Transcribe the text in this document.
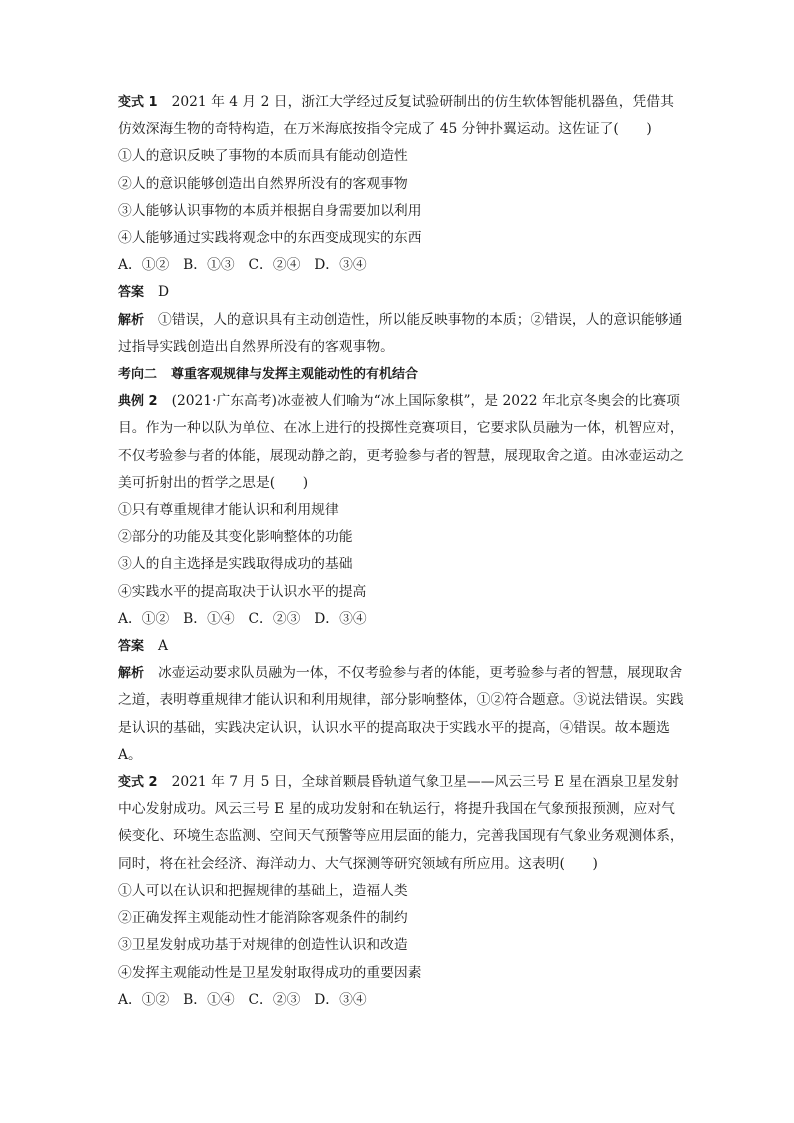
变式 1 2021 年 4 月 2 日，浙江大学经过反复试验研制出的仿生软体智能机器鱼，凭借其仿效深海生物的奇特构造，在万米海底按指令完成了 45 分钟扑翼运动。这佐证了(　　)

①人的意识反映了事物的本质而具有能动创造性

②人的意识能够创造出自然界所没有的客观事物

③人能够认识事物的本质并根据自身需要加以利用

④人能够通过实践将观念中的东西变成现实的东西

A．①②　B．①③　C．②④　D．③④

答案 D

解析 ①错误，人的意识具有主动创造性，所以能反映事物的本质；②错误，人的意识能够通过指导实践创造出自然界所没有的客观事物。

考向二 尊重客观规律与发挥主观能动性的有机结合

典例 2 (2021·广东高考)冰壶被人们喻为“冰上国际象棋”，是 2022 年北京冬奥会的比赛项目。作为一种以队为单位、在冰上进行的投掷性竞赛项目，它要求队员融为一体，机智应对，不仅考验参与者的体能，展现动静之韵，更考验参与者的智慧，展现取舍之道。由冰壶运动之美可折射出的哲学之思是(　　)

①只有尊重规律才能认识和利用规律

②部分的功能及其变化影响整体的功能

③人的自主选择是实践取得成功的基础

④实践水平的提高取决于认识水平的提高

A．①②　B．①④　C．②③　D．③④

答案 A

解析 冰壶运动要求队员融为一体，不仅考验参与者的体能，更考验参与者的智慧，展现取舍之道，表明尊重规律才能认识和利用规律，部分影响整体，①②符合题意。③说法错误。实践是认识的基础，实践决定认识，认识水平的提高取决于实践水平的提高，④错误。故本题选 A。

变式 2 2021 年 7 月 5 日，全球首颗晨昏轨道气象卫星——风云三号 E 星在酒泉卫星发射中心发射成功。风云三号 E 星的成功发射和在轨运行，将提升我国在气象预报预测，应对气候变化、环境生态监测、空间天气预警等应用层面的能力，完善我国现有气象业务观测体系，同时，将在社会经济、海洋动力、大气探测等研究领域有所应用。这表明(　　)

①人可以在认识和把握规律的基础上，造福人类

②正确发挥主观能动性才能消除客观条件的制约

③卫星发射成功基于对规律的创造性认识和改造

④发挥主观能动性是卫星发射取得成功的重要因素

A．①②　B．①④　C．②③　D．③④
